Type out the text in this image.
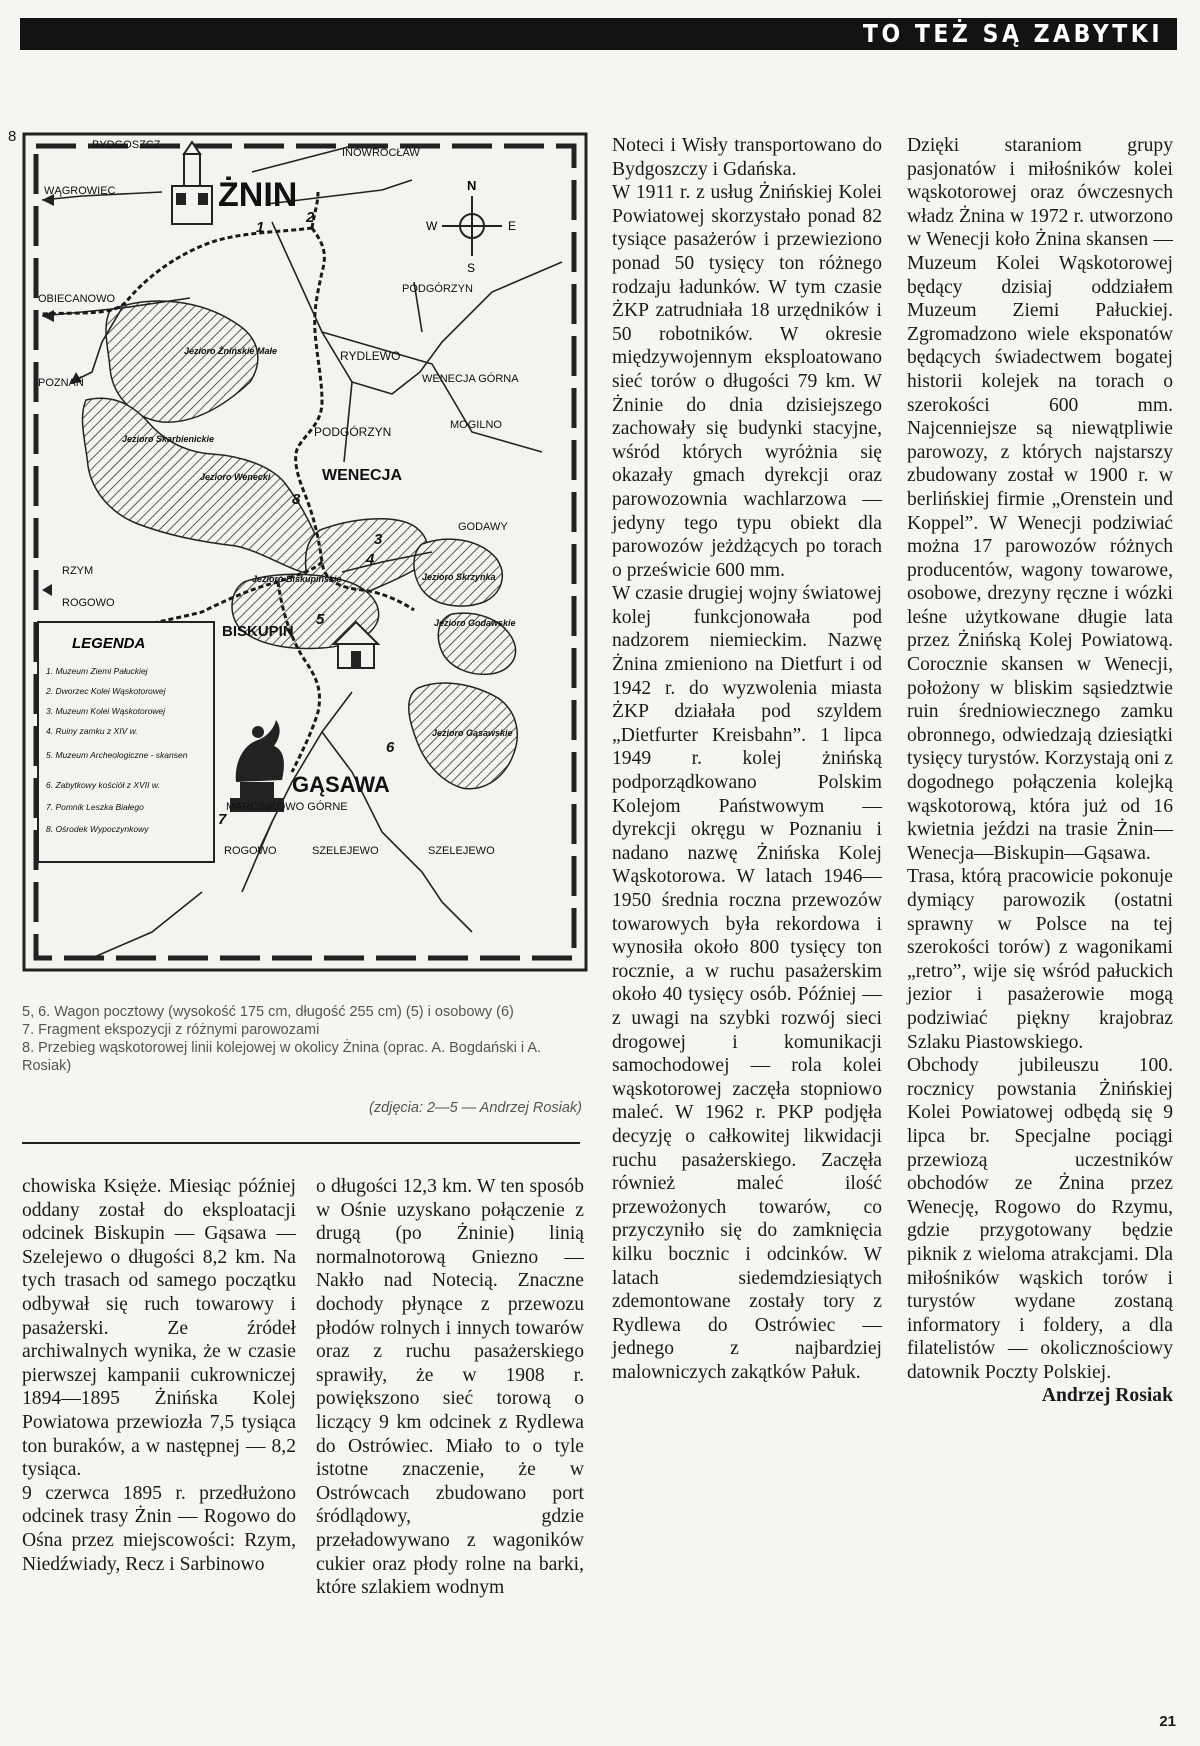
TO TEŻ SĄ ZABYTKI
8
N
S
E
W
BYDGOSZCZ
INOWROCŁAW
WĄGROWIEC
OBIECANOWO
POZNAŃ
PODGÓRZYN
RYDLEWO
WENECJA GÓRNA
MOGILNO
PODGÓRZYN
WENECJA
GODAWY
RZYM
ROGOWO
BISKUPIN
GĄSAWA
MARCINKOWO GÓRNE
ROGOWO	SZELEJEWO	SZELEJEWO
ŻNIN
Jezioro Żnińskie Małe
Jezioro Skarbienickie
Jezioro Wenecki
Jezioro Biskupińskie	Jezioro Skrzynka
Jezioro Godawskie
Jezioro Gąsawskie
1
2
3
4
5
6
7
8
LEGENDA
1. Muzeum Ziemi Pałuckiej
2. Dworzec Kolei Wąskotorowej
3. Muzeum Kolei Wąskotorowej
4. Ruiny zamku z XIV w.
5. Muzeum Archeologiczne - skansen
6. Zabytkowy kościół z XVII w.
7. Pomnik Leszka Białego
8. Ośrodek Wypoczynkowy

5, 6. Wagon pocztowy (wysokość 175 cm, długość 255 cm) (5) i osobowy (6)

7. Fragment ekspozycji z różnymi parowozami

8. Przebieg wąskotorowej linii kolejowej w okolicy Żnina (oprac. A. Bogdański i A. Rosiak)

(zdjęcia: 2—5 — Andrzej Rosiak)

chowiska Księże. Miesiąc później oddany został do eksploatacji odcinek Biskupin — Gąsawa — Szelejewo o długości 8,2 km. Na tych trasach od samego początku odbywał się ruch towarowy i pasażerski. Ze źródeł archiwalnych wynika, że w czasie pierwszej kampanii cukrowniczej 1894—1895 Żnińska Kolej Powiatowa przewiozła 7,5 tysiąca ton buraków, a w następnej — 8,2 tysiąca.

9 czerwca 1895 r. przedłużono odcinek trasy Żnin — Rogowo do Ośna przez miejscowości: Rzym, Niedźwiady, Recz i Sarbinowo

o długości 12,3 km. W ten sposób w Ośnie uzyskano połączenie z drugą (po Żninie) linią normalnotorową Gniezno — Nakło nad Notecią. Znaczne dochody płynące z przewozu płodów rolnych i innych towarów oraz z ruchu pasażerskiego sprawiły, że w 1908 r. powiększono sieć torową o liczący 9 km odcinek z Rydlewa do Ostrówiec. Miało to o tyle istotne znaczenie, że w Ostrówcach zbudowano port śródlądowy, gdzie przeładowywano z wagoników cukier oraz płody rolne na barki, które szlakiem wodnym

Noteci i Wisły transportowano do Bydgoszczy i Gdańska.

W 1911 r. z usług Żnińskiej Kolei Powiatowej skorzystało ponad 82 tysiące pasażerów i przewieziono ponad 50 tysięcy ton różnego rodzaju ładunków. W tym czasie ŻKP zatrudniała 18 urzędników i 50 robotników. W okresie międzywojennym eksploatowano sieć torów o długości 79 km. W Żninie do dnia dzisiejszego zachowały się budynki stacyjne, wśród których wyróżnia się okazały gmach dyrekcji oraz parowozownia wachlarzowa — jedyny tego typu obiekt dla parowozów jeżdżących po torach o prześwicie 600 mm.

W czasie drugiej wojny światowej kolej funkcjonowała pod nadzorem niemieckim. Nazwę Żnina zmieniono na Dietfurt i od 1942 r. do wyzwolenia miasta ŻKP działała pod szyldem „Dietfurter Kreisbahn”. 1 lipca 1949 r. kolej żnińską podporządkowano Polskim Kolejom Państwowym — dyrekcji okręgu w Poznaniu i nadano nazwę Żnińska Kolej Wąskotorowa. W latach 1946—1950 średnia roczna przewozów towarowych była rekordowa i wynosiła około 800 tysięcy ton rocznie, a w ruchu pasażerskim około 40 tysięcy osób. Później — z uwagi na szybki rozwój sieci drogowej i komunikacji samochodowej — rola kolei wąskotorowej zaczęła stopniowo maleć. W 1962 r. PKP podjęła decyzję o całkowitej likwidacji ruchu pasażerskiego. Zaczęła również maleć ilość przewożonych towarów, co przyczyniło się do zamknięcia kilku bocznic i odcinków. W latach siedemdziesiątych zdemontowane zostały tory z Rydlewa do Ostrówiec — jednego z najbardziej malowniczych zakątków Pałuk.

Dzięki staraniom grupy pasjonatów i miłośników kolei wąskotorowej oraz ówczesnych władz Żnina w 1972 r. utworzono w Wenecji koło Żnina skansen — Muzeum Kolei Wąskotorowej będący dzisiaj oddziałem Muzeum Ziemi Pałuckiej. Zgromadzono wiele eksponatów będących świadectwem bogatej historii kolejek na torach o szerokości 600 mm. Najcenniejsze są niewątpliwie parowozy, z których najstarszy zbudowany został w 1900 r. w berlińskiej firmie „Orenstein und Koppel”. W Wenecji podziwiać można 17 parowozów różnych producentów, wagony towarowe, osobowe, drezyny ręczne i wózki leśne użytkowane długie lata przez Żnińską Kolej Powiatową. Corocznie skansen w Wenecji, położony w bliskim sąsiedztwie ruin średniowiecznego zamku obronnego, odwiedzają dziesiątki tysięcy turystów. Korzystają oni z dogodnego połączenia kolejką wąskotorową, która już od 16 kwietnia jeździ na trasie Żnin—Wenecja—Biskupin—Gąsawa. Trasa, którą pracowicie pokonuje dymiący parowozik (ostatni sprawny w Polsce na tej szerokości torów) z wagonikami „retro”, wije się wśród pałuckich jezior i pasażerowie mogą podziwiać piękny krajobraz Szlaku Piastowskiego.

Obchody jubileuszu 100. rocznicy powstania Żnińskiej Kolei Powiatowej odbędą się 9 lipca br. Specjalne pociągi przewiozą uczestników obchodów ze Żnina przez Wenecję, Rogowo do Rzymu, gdzie przygotowany będzie piknik z wieloma atrakcjami. Dla miłośników wąskich torów i turystów wydane zostaną informatory i foldery, a dla filatelistów — okolicznościowy datownik Poczty Polskiej.

Andrzej Rosiak

21
